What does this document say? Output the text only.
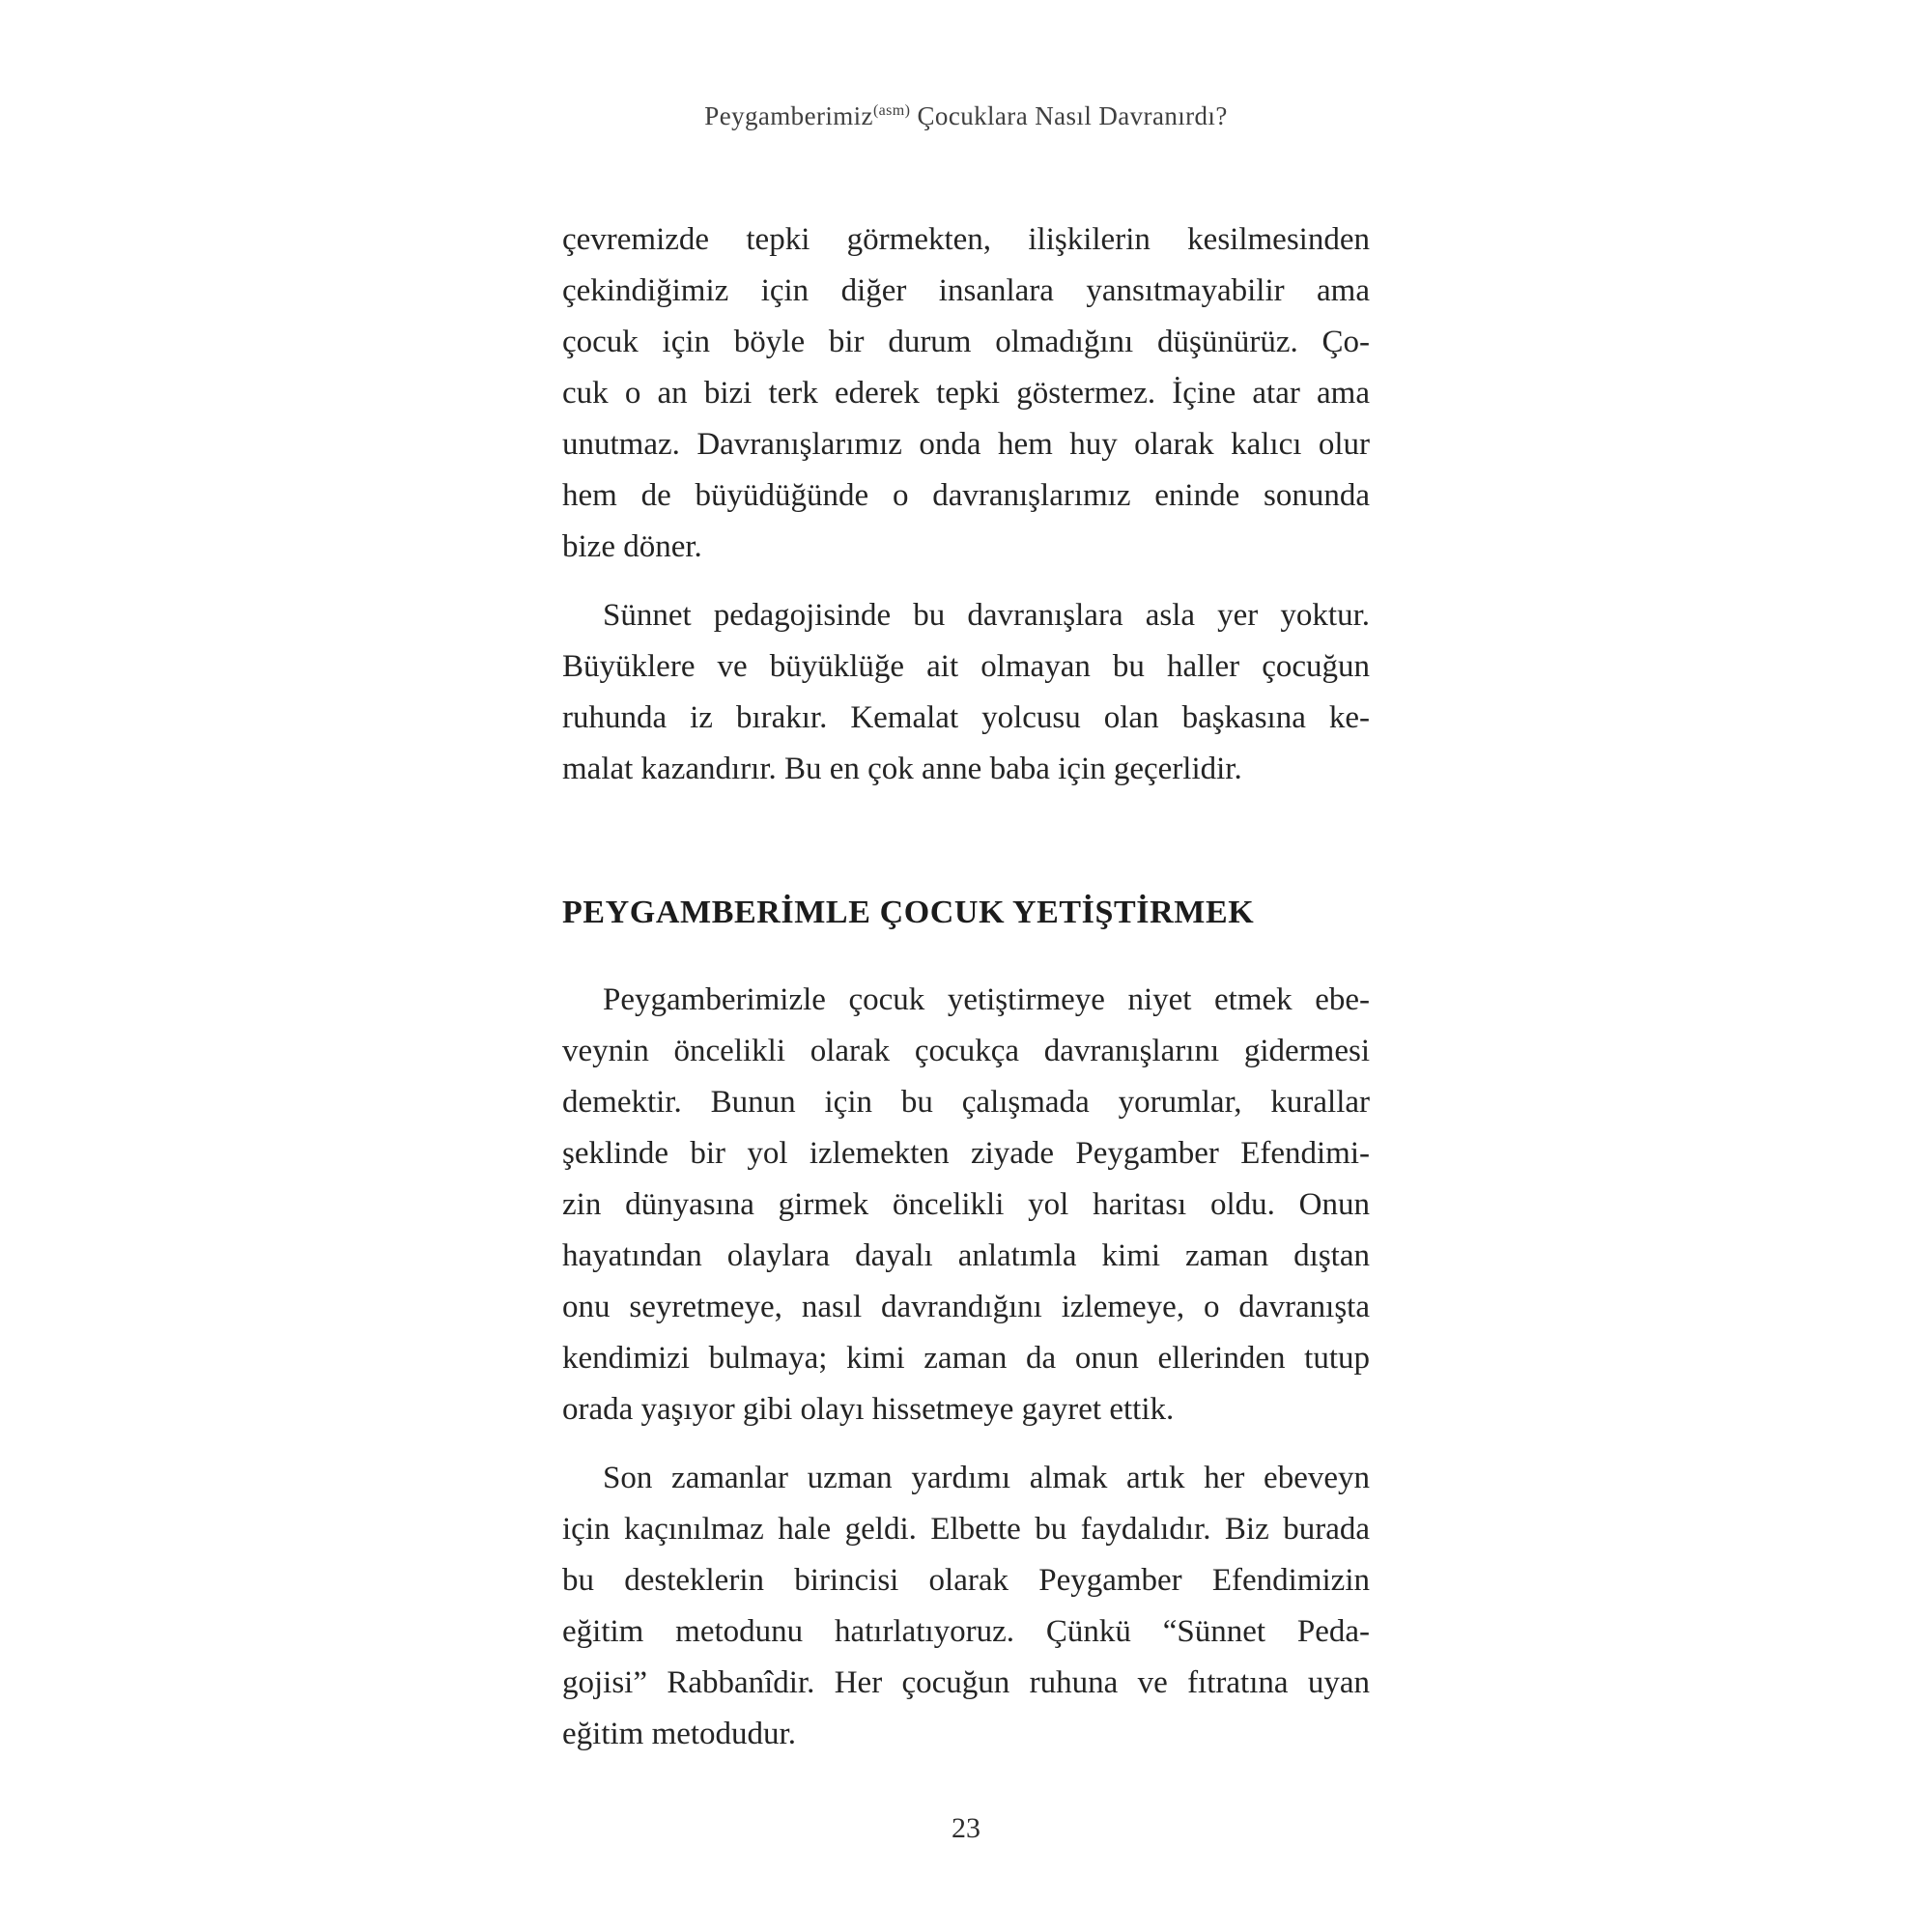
Peygamberimiz$^{(asm)}$ Çocuklara Nasıl Davranırdı?
çevremizde tepki görmekten, ilişkilerin kesilmesinden
çekindiğimiz için diğer insanlara yansıtmayabilir ama
çocuk için böyle bir durum olmadığını düşünürüz. Ço-
cuk o an bizi terk ederek tepki göstermez. İçine atar ama
unutmaz. Davranışlarımız onda hem huy olarak kalıcı olur
hem de büyüdüğünde o davranışlarımız eninde sonunda
bize döner.
Sünnet pedagojisinde bu davranışlara asla yer yoktur.
Büyüklere ve büyüklüğe ait olmayan bu haller çocuğun
ruhunda iz bırakır. Kemalat yolcusu olan başkasına ke-
malat kazandırır. Bu en çok anne baba için geçerlidir.
PEYGAMBERİMLE ÇOCUK YETİŞTİRMEK
Peygamberimizle çocuk yetiştirmeye niyet etmek ebe-
veynin öncelikli olarak çocukça davranışlarını gidermesi
demektir. Bunun için bu çalışmada yorumlar, kurallar
şeklinde bir yol izlemekten ziyade Peygamber Efendimi-
zin dünyasına girmek öncelikli yol haritası oldu. Onun
hayatından olaylara dayalı anlatımla kimi zaman dıştan
onu seyretmeye, nasıl davrandığını izlemeye, o davranışta
kendimizi bulmaya; kimi zaman da onun ellerinden tutup
orada yaşıyor gibi olayı hissetmeye gayret ettik.
Son zamanlar uzman yardımı almak artık her ebeveyn
için kaçınılmaz hale geldi. Elbette bu faydalıdır. Biz burada
bu desteklerin birincisi olarak Peygamber Efendimizin
eğitim metodunu hatırlatıyoruz. Çünkü “Sünnet Peda-
gojisi” Rabbanîdir. Her çocuğun ruhuna ve fıtratına uyan
eğitim metodudur.
23
